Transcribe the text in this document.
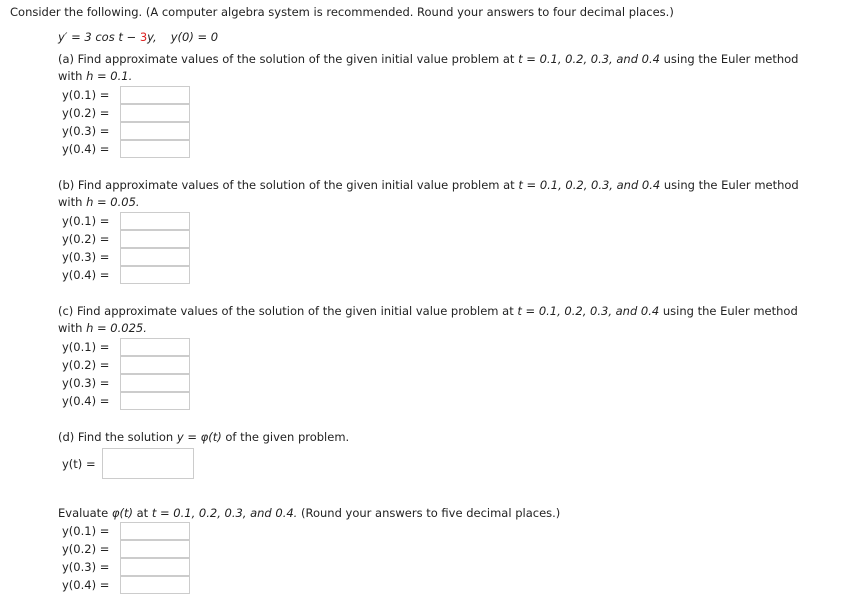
Consider the following. (A computer algebra system is recommended. Round your answers to four decimal places.)
y′ = 3 cos t − 3y, y(0) = 0
(a) Find approximate values of the solution of the given initial value problem at t = 0.1, 0.2, 0.3, and 0.4 using the Euler method
with h = 0.1.
y(0.1) =
y(0.2) =
y(0.3) =
y(0.4) =
(b) Find approximate values of the solution of the given initial value problem at t = 0.1, 0.2, 0.3, and 0.4 using the Euler method
with h = 0.05.
y(0.1) =
y(0.2) =
y(0.3) =
y(0.4) =
(c) Find approximate values of the solution of the given initial value problem at t = 0.1, 0.2, 0.3, and 0.4 using the Euler method
with h = 0.025.
y(0.1) =
y(0.2) =
y(0.3) =
y(0.4) =
(d) Find the solution y = φ(t) of the given problem.
y(t) =
Evaluate φ(t) at t = 0.1, 0.2, 0.3, and 0.4. (Round your answers to five decimal places.)
y(0.1) =
y(0.2) =
y(0.3) =
y(0.4) =
